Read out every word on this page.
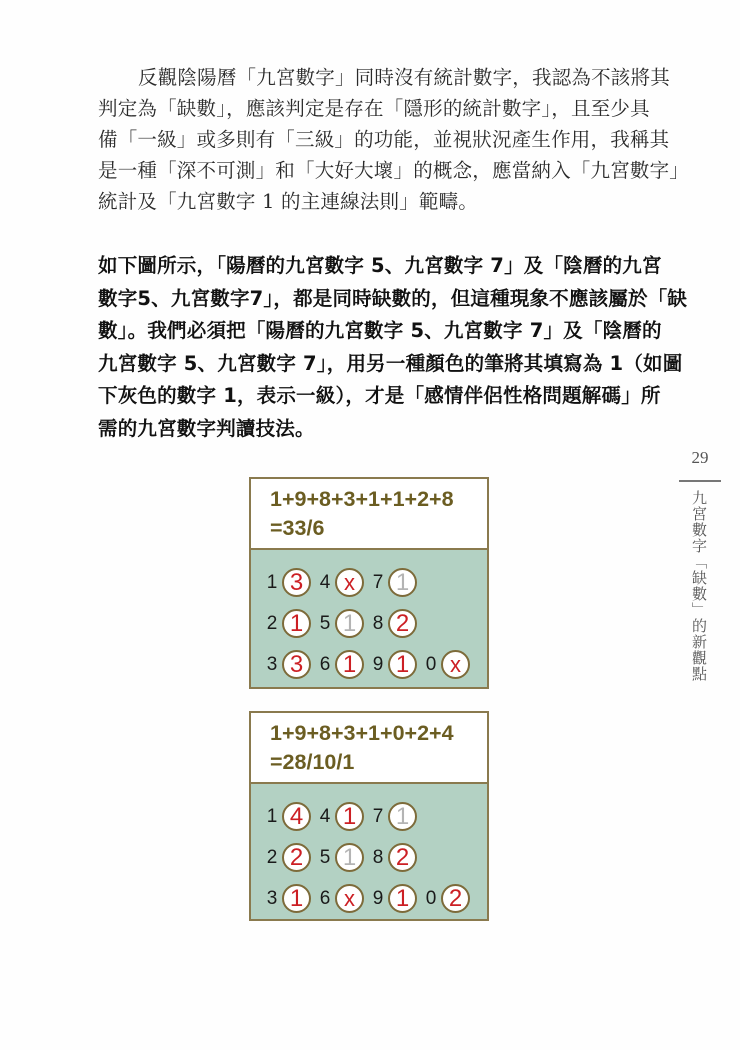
反觀陰陽曆「九宮數字」同時沒有統計數字，我認為不該將其
判定為「缺數」，應該判定是存在「隱形的統計數字」，且至少具
備「一級」或多則有「三級」的功能，並視狀況產生作用，我稱其
是一種「深不可測」和「大好大壞」的概念，應當納入「九宮數字」
統計及「九宮數字 1 的主連線法則」範疇。
如下圖所示，「陽曆的九宮數字 5、九宮數字 7」及「陰曆的九宮
數字5、九宮數字7」，都是同時缺數的，但這種現象不應該屬於「缺
數」。我們必須把「陽曆的九宮數字 5、九宮數字 7」及「陰曆的
九宮數字 5、九宮數字 7」，用另一種顏色的筆將其填寫為 1（如圖
下灰色的數字 1，表示一級），才是「感情伴侶性格問題解碼」所
需的九宮數字判讀技法。
29
九宮數字「缺數」的新觀點
1+9+8+3+1+1+2+8
=33/6
1 3 4 x 7 1
2 1 5 1 8 2
3 3 6 1 9 1 0 x
1+9+8+3+1+0+2+4
=28/10/1
1 4 4 1 7 1
2 2 5 1 8 2
3 1 6 x 9 1 0 2
